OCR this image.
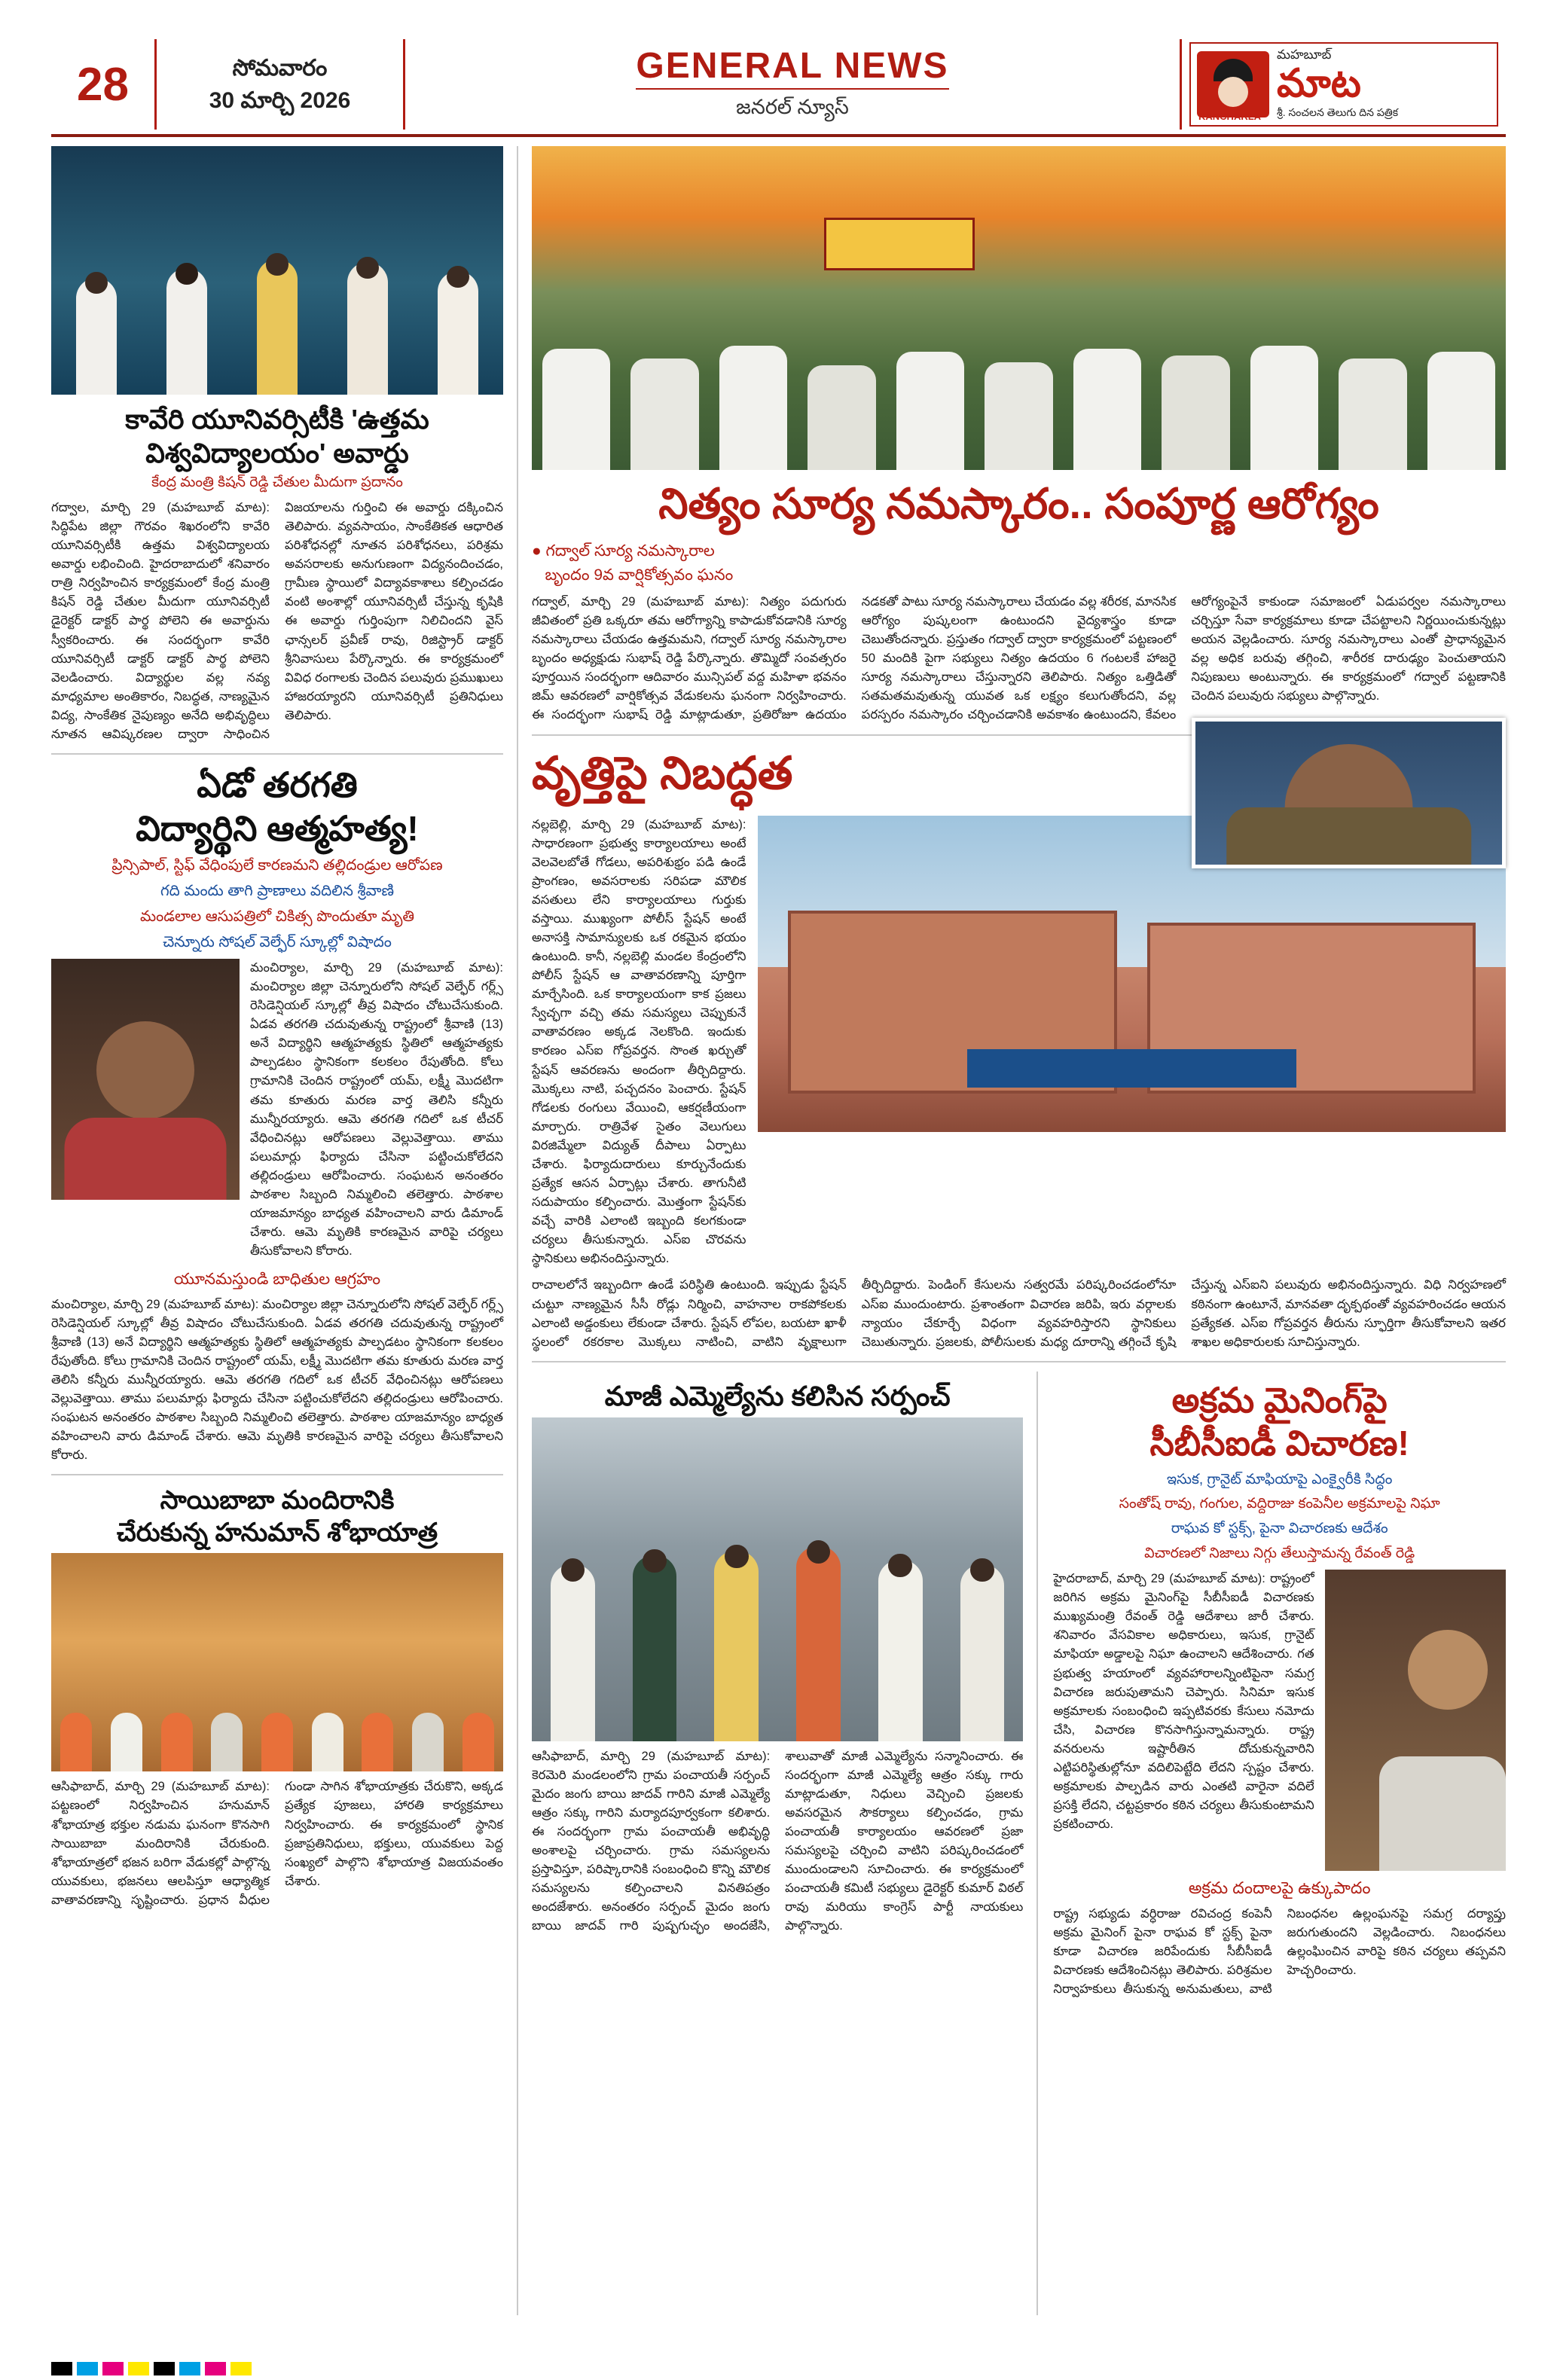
28	సోమవారం
30 మార్చి 2026
GENERAL NEWS
జనరల్ న్యూస్
మహబూబ్
మాట
శ్రీ. సంచలన తెలుగు దిన పత్రిక
KANCHARLA
కావేరి యూనివర్సిటీకి 'ఉత్తమ
విశ్వవిద్యాలయం' అవార్డు
కేంద్ర మంత్రి కిషన్ రెడ్డి చేతుల మీదుగా ప్రదానం
గద్వాల, మార్చి 29 (మహబూబ్ మాట): సిద్ధిపేట జిల్లా గౌరవం శిఖరంలోని కావేరి యూనివర్సిటీకి ఉత్తమ విశ్వవిద్యాలయ అవార్డు లభించింది. హైదరాబాదులో శనివారం రాత్రి నిర్వహించిన కార్యక్రమంలో కేంద్ర మంత్రి కిషన్ రెడ్డి చేతుల మీదుగా యూనివర్సిటీ డైరెక్టర్ డాక్టర్ పార్థ పోలెని ఈ అవార్డును స్వీకరించారు. ఈ సందర్భంగా కావేరి యూనివర్సిటీ డాక్టర్ డాక్టర్ పార్థ పోలెని వెలడించారు. విద్యార్థుల వల్ల నవ్య మాధ్యమాల అంతికారం, నిబద్ధత, నాణ్యమైన విద్య, సాంకేతిక నైపుణ్యం అనేది అభివృద్ధిలు నూతన ఆవిష్కరణల ద్వారా సాధించిన విజయాలను గుర్తించి ఈ అవార్డు దక్కించిన తెలిపారు. వ్యవసాయం, సాంకేతికత ఆధారిత పరిశోధనల్లో నూతన పరిశోధనలు, పరిశ్రమ అవసరాలకు అనుగుణంగా విద్యనందించడం, గ్రామీణ స్థాయిలో విద్యావకాశాలు కల్పించడం వంటి అంశాల్లో యూనివర్సిటీ చేస్తున్న కృషికి ఈ అవార్డు గుర్తింపుగా నిలిచిందని వైస్ ఛాన్సలర్ ప్రవీణ్ రావు, రిజిస్ట్రార్ డాక్టర్ శ్రీనివాసులు పేర్కొన్నారు. ఈ కార్యక్రమంలో వివిధ రంగాలకు చెందిన పలువురు ప్రముఖులు హాజరయ్యారని యూనివర్సిటీ ప్రతినిధులు తెలిపారు.
ఏడో తరగతి
విద్యార్థిని ఆత్మహత్య!
ప్రిన్సిపాల్, స్టిఫ్ వేధింపులే కారణమని తల్లిదండ్రుల ఆరోపణ
గది మందు తాగి ప్రాణాలు వదిలిన శ్రీవాణి
మండలాల ఆసుపత్రిలో చికిత్స పొందుతూ మృతి
చెన్నూరు సోషల్ వెల్ఫేర్ స్కూల్లో విషాదం
మంచిర్యాల, మార్చి 29 (మహబూబ్ మాట): మంచిర్యాల జిల్లా చెన్నూరులోని సోషల్ వెల్ఫేర్ గర్ల్స్ రెసిడెన్షియల్ స్కూల్లో తీవ్ర విషాదం చోటుచేసుకుంది. ఏడవ తరగతి చదువుతున్న రాష్ట్రంలో శ్రీవాణి (13) అనే విద్యార్థిని ఆత్మహత్యకు స్థితిలో ఆత్మహత్యకు పాల్పడటం స్థానికంగా కలకలం రేపుతోంది. కోలు గ్రామానికి చెందిన రాష్ట్రంలో యమ్, లక్ష్మీ మొదటిగా తమ కూతురు మరణ వార్త తెలిసి కన్నీరు మున్నీరయ్యారు. ఆమె తరగతి గదిలో ఒక టీచర్ వేధించినట్లు ఆరోపణలు వెల్లువెత్తాయి. తాము పలుమార్లు ఫిర్యాదు చేసినా పట్టించుకోలేదని తల్లిదండ్రులు ఆరోపించారు. సంఘటన అనంతరం పాఠశాల సిబ్బంది నిమ్మలించి తలెత్తారు. పాఠశాల యాజమాన్యం బాధ్యత వహించాలని వారు డిమాండ్ చేశారు. ఆమె మృతికి కారణమైన వారిపై చర్యలు తీసుకోవాలని కోరారు.
యూనమస్తుండి బాధితుల ఆగ్రహం
మంచిర్యాల, మార్చి 29 (మహబూబ్ మాట): మంచిర్యాల జిల్లా చెన్నూరులోని సోషల్ వెల్ఫేర్ గర్ల్స్ రెసిడెన్షియల్ స్కూల్లో తీవ్ర విషాదం చోటుచేసుకుంది. ఏడవ తరగతి చదువుతున్న రాష్ట్రంలో శ్రీవాణి (13) అనే విద్యార్థిని ఆత్మహత్యకు స్థితిలో ఆత్మహత్యకు పాల్పడటం స్థానికంగా కలకలం రేపుతోంది. కోలు గ్రామానికి చెందిన రాష్ట్రంలో యమ్, లక్ష్మీ మొదటిగా తమ కూతురు మరణ వార్త తెలిసి కన్నీరు మున్నీరయ్యారు. ఆమె తరగతి గదిలో ఒక టీచర్ వేధించినట్లు ఆరోపణలు వెల్లువెత్తాయి. తాము పలుమార్లు ఫిర్యాదు చేసినా పట్టించుకోలేదని తల్లిదండ్రులు ఆరోపించారు. సంఘటన అనంతరం పాఠశాల సిబ్బంది నిమ్మలించి తలెత్తారు. పాఠశాల యాజమాన్యం బాధ్యత వహించాలని వారు డిమాండ్ చేశారు. ఆమె మృతికి కారణమైన వారిపై చర్యలు తీసుకోవాలని కోరారు.
సాయిబాబా మందిరానికి
చేరుకున్న హనుమాన్ శోభాయాత్ర
ఆసిఫాబాద్, మార్చి 29 (మహబూబ్ మాట): పట్టణంలో నిర్వహించిన హనుమాన్ శోభాయాత్ర భక్తుల నడుమ ఘనంగా కొనసాగి సాయిబాబా మందిరానికి చేరుకుంది. శోభాయాత్రలో భజన బరిగా వేడుకల్లో పాల్గొన్న యువకులు, భజనలు ఆలపిస్తూ ఆధ్యాత్మిక వాతావరణాన్ని సృష్టించారు. ప్రధాన వీధుల గుండా సాగిన శోభాయాత్రకు చేరుకొని, అక్కడ ప్రత్యేక పూజలు, హారతి కార్యక్రమాలు నిర్వహించారు. ఈ కార్యక్రమంలో స్థానిక ప్రజాప్రతినిధులు, భక్తులు, యువకులు పెద్ద సంఖ్యలో పాల్గొని శోభాయాత్ర విజయవంతం చేశారు.
నిత్యం సూర్య నమస్కారం.. సంపూర్ణ ఆరోగ్యం
● గద్వాల్ సూర్య నమస్కారాల
బృందం 9వ వార్షికోత్సవం ఘనం
గద్వాల్, మార్చి 29 (మహబూబ్ మాట): నిత్యం పదుగురు జీవితంలో ప్రతి ఒక్కరూ తమ ఆరోగ్యాన్ని కాపాడుకోవడానికి సూర్య నమస్కారాలు చేయడం ఉత్తమమని, గద్వాల్ సూర్య నమస్కారాల బృందం అధ్యక్షుడు సుభాష్ రెడ్డి పేర్కొన్నారు. తొమ్మిదో సంవత్సరం పూర్తయిన సందర్భంగా ఆదివారం మున్సిపల్ వద్ద మహిళా భవనం జిమ్ ఆవరణలో వార్షికోత్సవ వేడుకలను ఘనంగా నిర్వహించారు. ఈ సందర్భంగా సుభాష్ రెడ్డి మాట్లాడుతూ, ప్రతిరోజూ ఉదయం నడకతో పాటు సూర్య నమస్కారాలు చేయడం వల్ల శరీరక, మానసిక ఆరోగ్యం పుష్కలంగా ఉంటుందని వైద్యశాస్త్రం కూడా చెబుతోందన్నారు. ప్రస్తుతం గద్వాల్ ద్వారా కార్యక్రమంలో పట్టణంలో 50 మందికి పైగా సభ్యులు నిత్యం ఉదయం 6 గంటలకే హాజరై సూర్య నమస్కారాలు చేస్తున్నారని తెలిపారు. నిత్యం ఒత్తిడితో సతమతమవుతున్న యువత ఒక లక్ష్యం కలుగుతోందని, వల్ల పరస్పరం నమస్కారం చర్చించడానికి అవకాశం ఉంటుందని, కేవలం ఆరోగ్యంపైనే కాకుండా సమాజంలో ఏడుపర్వల నమస్కారాలు చర్చిస్తూ సేవా కార్యక్రమాలు కూడా చేపట్టాలని నిర్ణయించుకున్నట్లు అయన వెల్లడించారు. సూర్య నమస్కారాలు ఎంతో ప్రాధాన్యమైన వల్ల అధిక బరువు తగ్గించి, శారీరక దారుఢ్యం పెంచుతాయని నిపుణులు అంటున్నారు. ఈ కార్యక్రమంలో గద్వాల్ పట్టణానికి చెందిన పలువురు సభ్యులు పాల్గొన్నారు.
వృత్తిపై నిబద్ధత
నల్లబెల్లి, మార్చి 29 (మహబూబ్ మాట): సాధారణంగా ప్రభుత్వ కార్యాలయాలు అంటే వెలవెలబోతే గోడలు, అపరిశుభ్రం పడి ఉండే ప్రాంగణం, అవసరాలకు సరిపడా మౌలిక వసతులు లేని కార్యాలయాలు గుర్తుకు వస్తాయి. ముఖ్యంగా పోలీస్ స్టేషన్ అంటే అనాసక్తి సామాన్యులకు ఒక రకమైన భయం ఉంటుంది. కానీ, నల్లబెల్లి మండల కేంద్రంలోని పోలీస్ స్టేషన్ ఆ వాతావరణాన్ని పూర్తిగా మార్చేసింది. ఒక కార్యాలయంగా కాక ప్రజలు స్వేచ్ఛగా వచ్చి తమ సమస్యలు చెప్పుకునే వాతావరణం అక్కడ నెలకొంది. ఇందుకు కారణం ఎస్ఐ గోప్రవర్తన. సొంత ఖర్చుతో స్టేషన్ ఆవరణను అందంగా తీర్చిదిద్దారు. మొక్కలు నాటి, పచ్చదనం పెంచారు. స్టేషన్ గోడలకు రంగులు వేయించి, ఆకర్షణీయంగా మార్చారు. రాత్రివేళ సైతం వెలుగులు విరజిమ్మేలా విద్యుత్ దీపాలు ఏర్పాటు చేశారు. ఫిర్యాదుదారులు కూర్చునేందుకు ప్రత్యేక ఆసన ఏర్పాట్లు చేశారు. తాగునీటి సదుపాయం కల్పించారు. మొత్తంగా స్టేషన్‌కు వచ్చే వారికి ఎలాంటి ఇబ్బంది కలగకుండా చర్యలు తీసుకున్నారు. ఎస్ఐ చొరవను స్థానికులు అభినందిస్తున్నారు.
రాచాలలోనే ఇబ్బందిగా ఉండే పరిస్థితి ఉంటుంది. ఇప్పుడు స్టేషన్ చుట్టూ నాణ్యమైన సీసీ రోడ్లు నిర్మించి, వాహనాల రాకపోకలకు ఎలాంటి అడ్డంకులు లేకుండా చేశారు. స్టేషన్ లోపల, బయటా ఖాళీ స్థలంలో రకరకాల మొక్కలు నాటించి, వాటిని వృక్షాలుగా తీర్చిదిద్దారు. పెండింగ్ కేసులను సత్వరమే పరిష్కరించడంలోనూ ఎస్ఐ ముందుంటారు. ప్రశాంతంగా విచారణ జరిపి, ఇరు వర్గాలకు న్యాయం చేకూర్చే విధంగా వ్యవహరిస్తారని స్థానికులు చెబుతున్నారు. ప్రజలకు, పోలీసులకు మధ్య దూరాన్ని తగ్గించే కృషి చేస్తున్న ఎస్ఐని పలువురు అభినందిస్తున్నారు. విధి నిర్వహణలో కఠినంగా ఉంటూనే, మానవతా దృక్పథంతో వ్యవహరించడం ఆయన ప్రత్యేకత. ఎస్ఐ గోప్రవర్తన తీరును స్ఫూర్తిగా తీసుకోవాలని ఇతర శాఖల అధికారులకు సూచిస్తున్నారు.
మాజీ ఎమ్మెల్యేను కలిసిన సర్పంచ్
ఆసిఫాబాద్, మార్చి 29 (మహబూబ్ మాట): కెరమెరి మండలంలోని గ్రామ పంచాయతీ సర్పంచ్ మైదం జంగు బాయి జాదవ్ గారిని మాజీ ఎమ్మెల్యే ఆత్రం సక్కు గారిని మర్యాదపూర్వకంగా కలిశారు. ఈ సందర్భంగా గ్రామ పంచాయతీ అభివృద్ధి అంశాలపై చర్చించారు. గ్రామ సమస్యలను ప్రస్తావిస్తూ, పరిష్కారానికి సంబంధించి కొన్ని మౌలిక సమస్యలను కల్పించాలని వినతిపత్రం అందజేశారు. అనంతరం సర్పంచ్ మైదం జంగు బాయి జాదవ్ గారి పుష్పగుచ్ఛం అందజేసి, శాలువాతో మాజీ ఎమ్మెల్యేను సన్మానించారు. ఈ సందర్భంగా మాజీ ఎమ్మెల్యే ఆత్రం సక్కు గారు మాట్లాడుతూ, నిధులు వెచ్చించి ప్రజలకు అవసరమైన సౌకర్యాలు కల్పించడం, గ్రామ పంచాయతీ కార్యాలయం ఆవరణలో ప్రజా సమస్యలపై చర్చించి వాటిని పరిష్కరించడంలో ముందుండాలని సూచించారు. ఈ కార్యక్రమంలో పంచాయతీ కమిటీ సభ్యులు డైరెక్టర్ కుమార్ విఠల్ రావు మరియు కాంగ్రెస్ పార్టీ నాయకులు పాల్గొన్నారు.
అక్రమ మైనింగ్‌పై
సీబీసీఐడీ విచారణ!
ఇసుక, గ్రానైట్ మాఫియాపై ఎంక్వైరీకి సిద్ధం
సంతోష్ రావు, గంగుల, వద్దిరాజు కంపెనీల అక్రమాలపై నిఘా
రాఘవ కో స్టక్స్, పైనా విచారణకు ఆదేశం
విచారణలో నిజాలు నిగ్గు తేలుస్తామన్న రేవంత్ రెడ్డి
హైదరాబాద్, మార్చి 29 (మహబూబ్ మాట): రాష్ట్రంలో జరిగిన అక్రమ మైనింగ్‌పై సీబీసీఐడీ విచారణకు ముఖ్యమంత్రి రేవంత్ రెడ్డి ఆదేశాలు జారీ చేశారు. శనివారం వేసవికాల అధికారులు, ఇసుక, గ్రానైట్ మాఫియా అడ్డాలపై నిఘా ఉంచాలని ఆదేశించారు. గత ప్రభుత్వ హయాంలో వ్యవహారాలన్నింటిపైనా సమగ్ర విచారణ జరుపుతామని చెప్పారు. సినిమా ఇసుక అక్రమాలకు సంబంధించి ఇప్పటివరకు కేసులు నమోదు చేసి, విచారణ కొనసాగిస్తున్నామన్నారు. రాష్ట్ర వనరులను ఇష్టారీతిన దోచుకున్నవారిని ఎట్టిపరిస్థితుల్లోనూ వదిలిపెట్టేది లేదని స్పష్టం చేశారు. అక్రమాలకు పాల్పడిన వారు ఎంతటి వారైనా వదిలే ప్రసక్తి లేదని, చట్టప్రకారం కఠిన చర్యలు తీసుకుంటామని ప్రకటించారు.
అక్రమ దందాలపై ఉక్కుపాదం
రాష్ట్ర సభ్యుడు వర్ధిరాజు రవిచంద్ర కంపెనీ అక్రమ మైనింగ్ పైనా రాఘవ కో స్టక్స్ పైనా కూడా విచారణ జరిపేందుకు సీబీసీఐడీ విచారణకు ఆదేశించినట్లు తెలిపారు. పరిశ్రమల నిర్వాహకులు తీసుకున్న అనుమతులు, వాటి నిబంధనల ఉల్లంఘనపై సమగ్ర దర్యాప్తు జరుగుతుందని వెల్లడించారు. నిబంధనలు ఉల్లంఘించిన వారిపై కఠిన చర్యలు తప్పవని హెచ్చరించారు.
